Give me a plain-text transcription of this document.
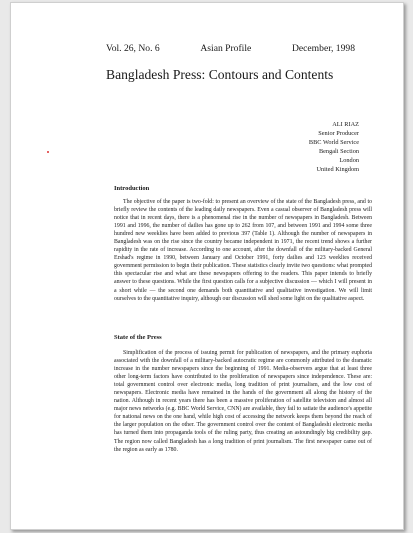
Vol. 26, No. 6	Asian Profile	December, 1998
Bangladesh Press: Contours and Contents
ALI RIAZ
Senior Producer
BBC World Service
Bengali Section
London
United Kingdom
Introduction

The objective of the paper is two-fold: to present an overview of the state of the Bangladesh press, and to briefly review the contents of the leading daily newspapers. Even a casual observer of Bangladesh press will notice that in recent days, there is a phenomenal rise in the number of newspapers in Bangladesh. Between 1991 and 1996, the number of dailies has gone up to 262 from 107, and between 1991 and 1994 some three hundred new weeklies have been added to previous 397 (Table 1). Although the number of newspapers in Bangladesh was on the rise since the country became independent in 1971, the recent trend shows a further rapidity in the rate of increase. According to one account, after the downfall of the military-backed General Ershad's regime in 1990, between January and October 1991, forty dailies and 123 weeklies received government permission to begin their publication. These statistics clearly invite two questions: what prompted this spectacular rise and what are these newspapers offering to the readers. This paper intends to briefly answer to these questions. While the first question calls for a subjective discussion — which I will present in a short while — the second one demands both quantitative and qualitative investigation. We will limit ourselves to the quantitative inquiry, although our discussion will shed some light on the qualitative aspect.

State of the Press

Simplification of the process of issuing permit for publication of newspapers, and the primary euphoria associated with the downfall of a military-backed autocratic regime are commonly attributed to the dramatic increase in the number newspapers since the beginning of 1991. Media-observers argue that at least three other long-term factors have contributed to the proliferation of newspapers since independence. These are: total government control over electronic media, long tradition of print journalism, and the low cost of newspapers. Electronic media have remained in the hands of the government all along the history of the nation. Although in recent years there has been a massive proliferation of satellite television and almost all major news networks (e.g. BBC World Service, CNN) are available, they fail to satiate the audience's appetite for national news on the one hand, while high cost of accessing the network keeps them beyond the reach of the larger population on the other. The government control over the content of Bangladeshi electronic media has turned them into propaganda tools of the ruling party, thus creating an astoundingly big credibility gap. The region now called Bangladesh has a long tradition of print journalism. The first newspaper came out of the region as early as 1780.
